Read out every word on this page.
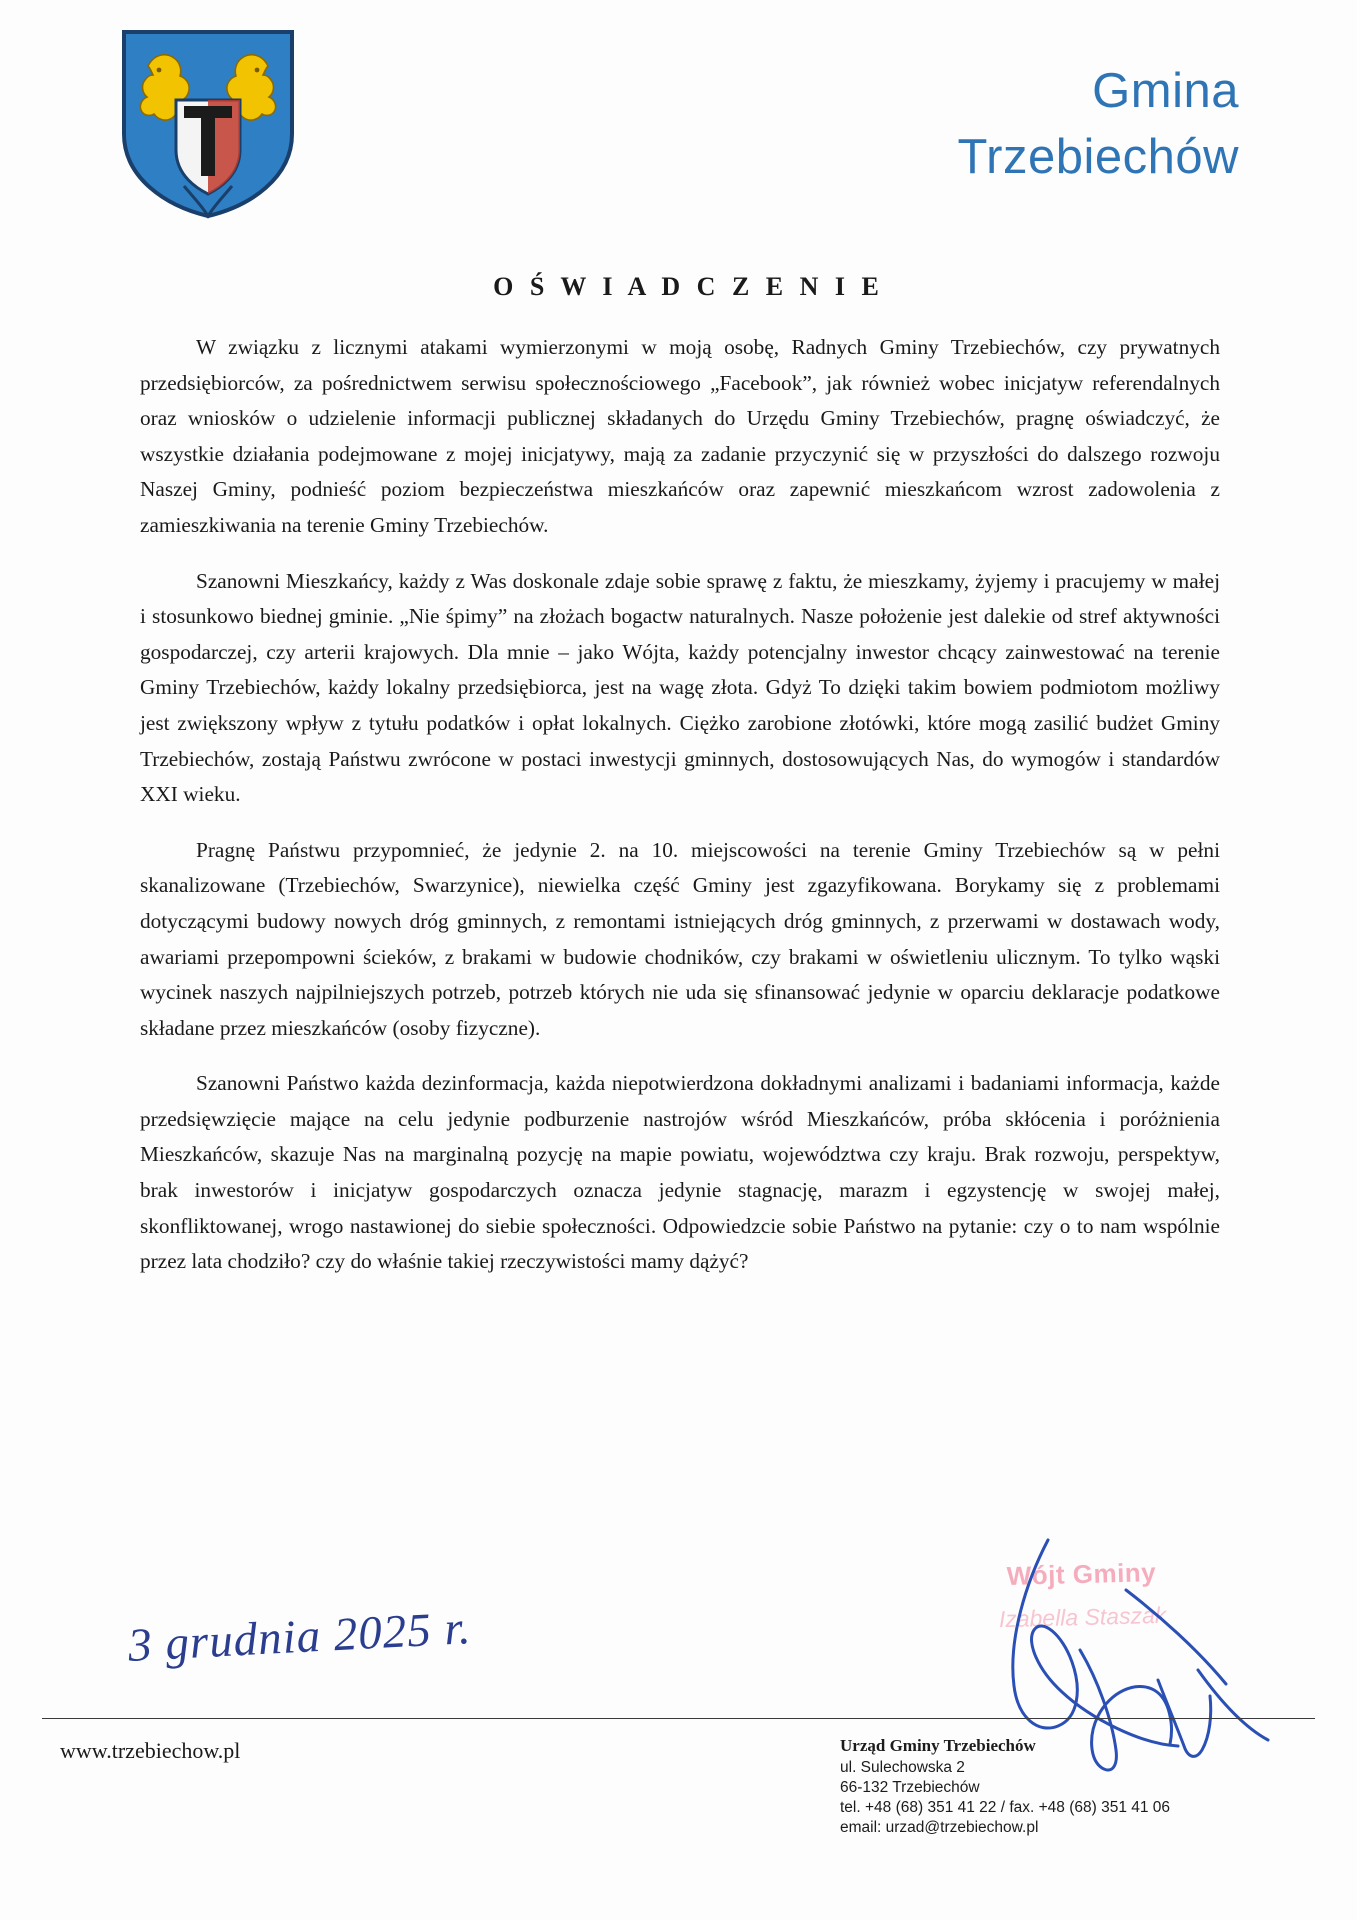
Gmina
Trzebiechów
O Ś W I A D C Z E N I E

W związku z licznymi atakami wymierzonymi w moją osobę, Radnych Gminy Trzebiechów, czy prywatnych przedsiębiorców, za pośrednictwem serwisu społecznościowego „Facebook”, jak również wobec inicjatyw referendalnych oraz wniosków o udzielenie informacji publicznej składanych do Urzędu Gminy Trzebiechów, pragnę oświadczyć, że wszystkie działania podejmowane z mojej inicjatywy, mają za zadanie przyczynić się w przyszłości do dalszego rozwoju Naszej Gminy, podnieść poziom bezpieczeństwa mieszkańców oraz zapewnić mieszkańcom wzrost zadowolenia z zamieszkiwania na terenie Gminy Trzebiechów.

Szanowni Mieszkańcy, każdy z Was doskonale zdaje sobie sprawę z faktu, że mieszkamy, żyjemy i pracujemy w małej i stosunkowo biednej gminie. „Nie śpimy” na złożach bogactw naturalnych. Nasze położenie jest dalekie od stref aktywności gospodarczej, czy arterii krajowych. Dla mnie – jako Wójta, każdy potencjalny inwestor chcący zainwestować na terenie Gminy Trzebiechów, każdy lokalny przedsiębiorca, jest na wagę złota. Gdyż To dzięki takim bowiem podmiotom możliwy jest zwiększony wpływ z tytułu podatków i opłat lokalnych. Ciężko zarobione złotówki, które mogą zasilić budżet Gminy Trzebiechów, zostają Państwu zwrócone w postaci inwestycji gminnych, dostosowujących Nas, do wymogów i standardów XXI wieku.

Pragnę Państwu przypomnieć, że jedynie 2. na 10. miejscowości na terenie Gminy Trzebiechów są w pełni skanalizowane (Trzebiechów, Swarzynice), niewielka część Gminy jest zgazyfikowana. Borykamy się z problemami dotyczącymi budowy nowych dróg gminnych, z remontami istniejących dróg gminnych, z przerwami w dostawach wody, awariami przepompowni ścieków, z brakami w budowie chodników, czy brakami w oświetleniu ulicznym. To tylko wąski wycinek naszych najpilniejszych potrzeb, potrzeb których nie uda się sfinansować jedynie w oparciu deklaracje podatkowe składane przez mieszkańców (osoby fizyczne).

Szanowni Państwo każda dezinformacja, każda niepotwierdzona dokładnymi analizami i badaniami informacja, każde przedsięwzięcie mające na celu jedynie podburzenie nastrojów wśród Mieszkańców, próba skłócenia i poróżnienia Mieszkańców, skazuje Nas na marginalną pozycję na mapie powiatu, województwa czy kraju. Brak rozwoju, perspektyw, brak inwestorów i inicjatyw gospodarczych oznacza jedynie stagnację, marazm i egzystencję w swojej małej, skonfliktowanej, wrogo nastawionej do siebie społeczności. Odpowiedzcie sobie Państwo na pytanie: czy o to nam wspólnie przez lata chodziło? czy do właśnie takiej rzeczywistości mamy dążyć?

Wójt Gminy
Izabella Staszak
3 grudnia 2025 r.
www.trzebiechow.pl	Urząd Gminy Trzebiechów
ul. Sulechowska 2
66-132 Trzebiechów
tel. +48 (68) 351 41 22 / fax. +48 (68) 351 41 06
email: urzad@trzebiechow.pl
